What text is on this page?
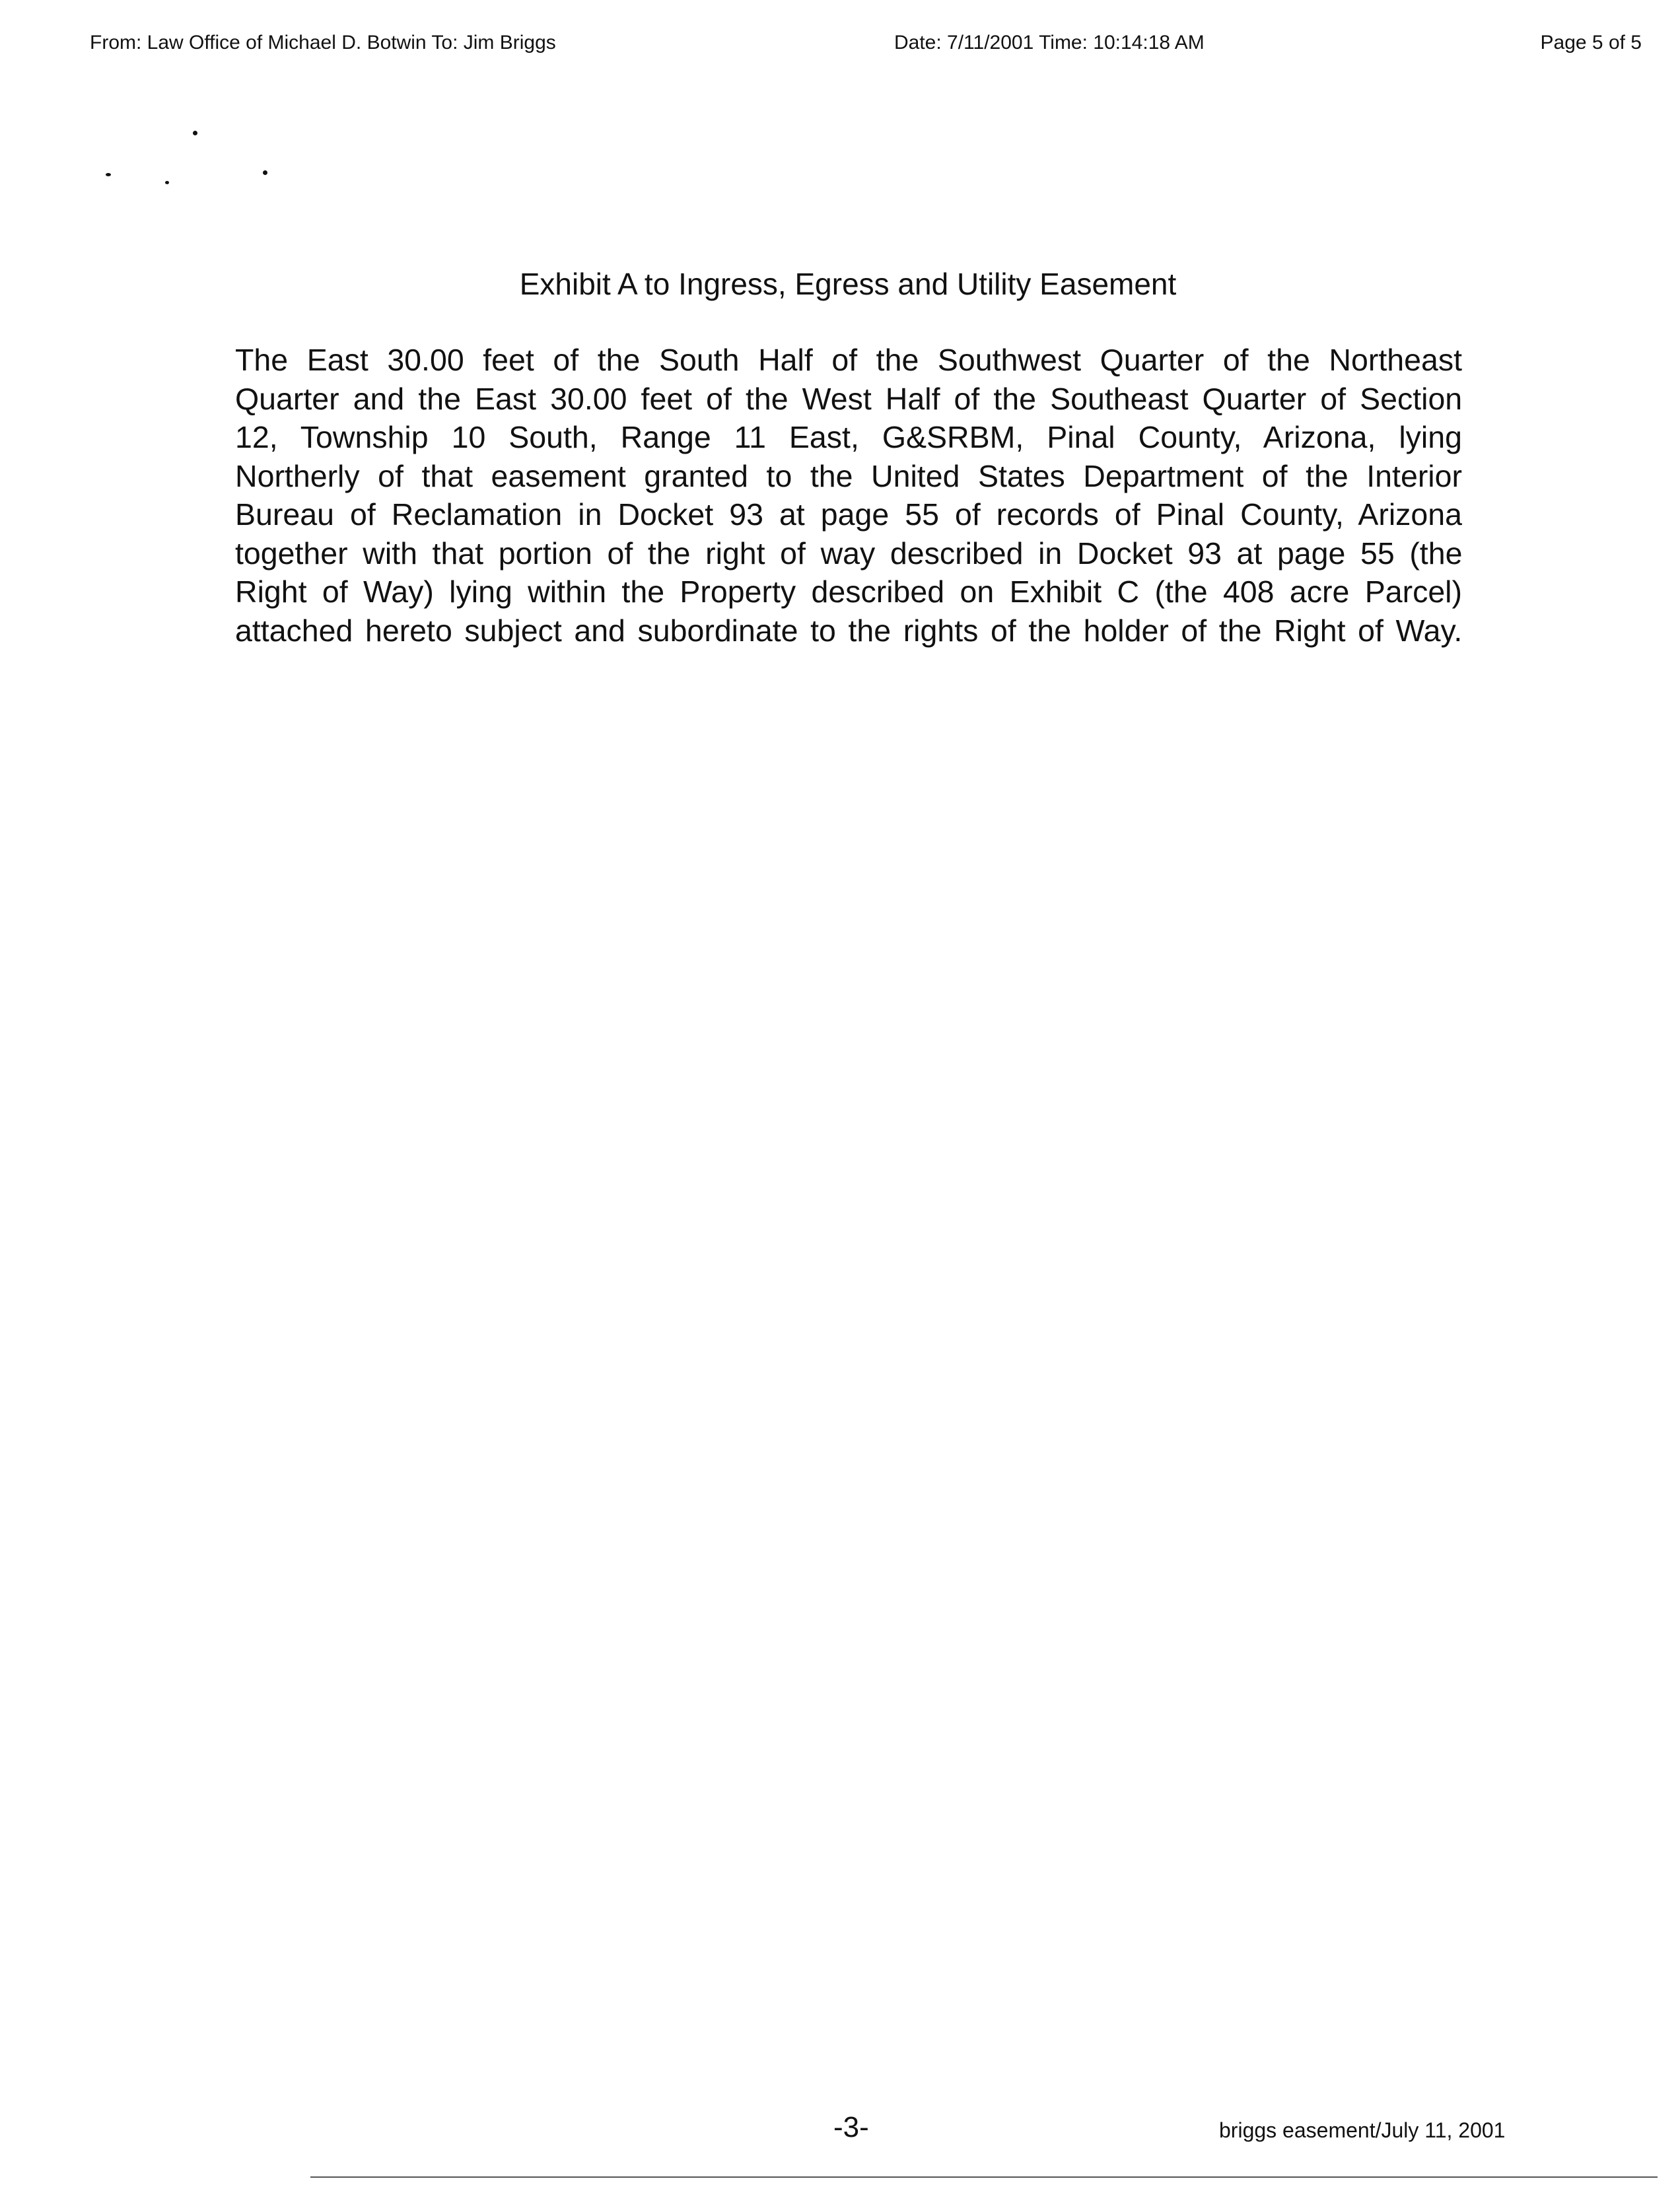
From: Law Office of Michael D. Botwin To: Jim Briggs	Date: 7/11/2001 Time: 10:14:18 AM	Page 5 of 5
Exhibit A to Ingress, Egress and Utility Easement
The East 30.00 feet of the South Half of the Southwest Quarter of the Northeast
Quarter and the East 30.00 feet of the West Half of the Southeast Quarter of Section
12, Township 10 South, Range 11 East, G&SRBM, Pinal County, Arizona, lying
Northerly of that easement granted to the United States Department of the Interior
Bureau of Reclamation in Docket 93 at page 55 of records of Pinal County, Arizona
together with that portion of the right of way described in Docket 93 at page 55 (the
Right of Way) lying within the Property described on Exhibit C (the 408 acre Parcel)
attached hereto subject and subordinate to the rights of the holder of the Right of Way.
-3-	briggs easement/July 11, 2001
